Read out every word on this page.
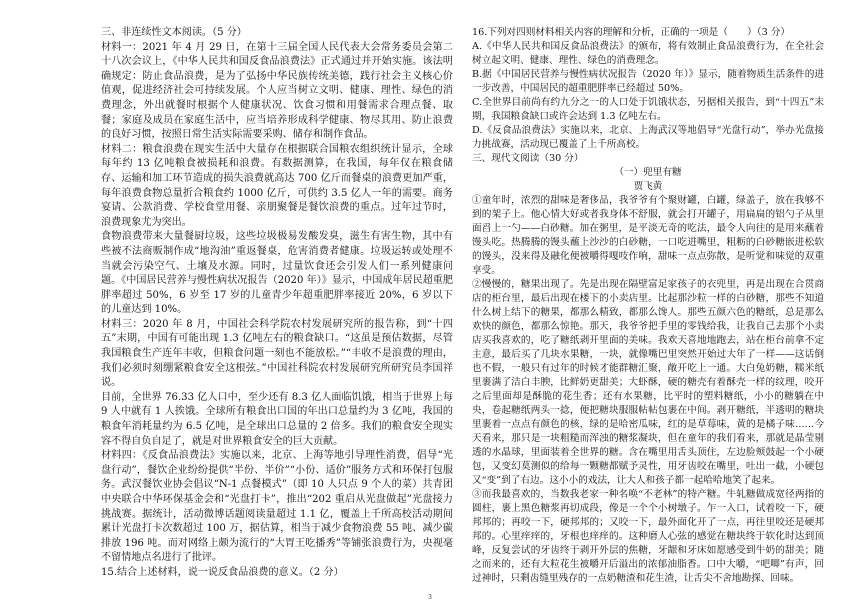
三、非连续性文本阅读。（5 分）

材料一：2021 年 4 月 29 日，在第十三届全国人民代表大会常务委员会第二十八次会议上，《中华人民共和国反食品浪费法》正式通过并开始实施。该法明确规定：防止食品浪费，是为了弘扬中华民族传统美德，践行社会主义核心价值观，促进经济社会可持续发展。个人应当树立文明、健康、理性、绿色的消费理念，外出就餐时根据个人健康状况、饮食习惯和用餐需求合理点餐、取餐；家庭及成员在家庭生活中，应当培养形成科学健康、物尽其用、防止浪费的良好习惯，按照日常生活实际需要采购、储存和制作食品。

材料二：粮食浪费在现实生活中大量存在根据联合国粮农组织统计显示，全球每年约 13 亿吨粮食被损耗和浪费。有数据测算，在我国，每年仅在粮食储存、运输和加工环节造成的损失浪费就高达 700 亿斤而餐桌的浪费更加严重，每年浪费食物总量折合粮食约 1000 亿斤，可供约 3.5 亿人一年的需要。商务宴请、公款消费、学校食堂用餐、亲朋聚餐是餐饮浪费的重点。过年过节时，浪费现象尤为突出。

食物浪费带来大量餐厨垃圾，这些垃圾极易发酸发臭，滋生有害生物，其中有些被不法商贩制作成“地沟油”重返餐桌，危害消费者健康。垃圾运转或处理不当就会污染空气、土壤及水源。同时，过量饮食还会引发人们一系列健康问题。《中国居民营养与慢性病状况报告（2020 年）》显示，中国成年居民超重肥胖率超过 50%，6 岁至 17 岁的儿童青少年超重肥胖率接近 20%，6 岁以下的儿童达到 10%。

材料三：2020 年 8 月，中国社会科学院农村发展研究所的报告称，到“十四五”末期，中国有可能出现 1.3 亿吨左右的粮食缺口。“这虽是预估数据，尽管我国粮食生产连年丰收，但粮食问题一刻也不能放松。”“丰收不是浪费的理由，我们必须时刻绷紧粮食安全这根弦。”中国社科院农村发展研究所研究员李国祥说。

目前，全世界 76.33 亿人口中，至少还有 8.3 亿人面临饥饿，相当于世界上每 9 人中就有 1 人挨饿。全球所有粮食出口国的年出口总量约为 3 亿吨，我国的粮食年消耗量约为 6.5 亿吨，是全球出口总量的 2 倍多。我们的粮食安全现实容不得自负自足了，就是对世界粮食安全的巨大贡献。

材料四：《反食品浪费法》实施以来，北京、上海等地引导理性消费，倡导“光盘行动”，餐饮企业纷纷提供“半份、半价”“小份、适价”服务方式和环保打包服务。武汉餐饮业协会倡议“N-1 点餐模式”（即 10 人只点 9 个人的菜）共青团中央联合中华环保基金会和“光盘打卡”，推出“202 重启从光盘做起”光盘接力挑战赛。据统计，活动微博话题阅读量超过 1.1 亿，覆盖上千所高校活动期间累计光盘打卡次数超过 100 万，据估算，相当于减少食物浪费 55 吨、减少碳排放 196 吨。而对网络上颇为流行的“大胃王吃播秀”等铺张浪费行为，央视毫不留情地点名进行了批评。

15.结合上述材料，说一说反食品浪费的意义。（2 分）

16.下列对四则材料相关内容的理解和分析，正确的一项是（　　）（3 分）

A.《中华人民共和国反食品浪费法》的颁布，将有效制止食品浪费行为，在全社会树立起文明、健康、理性、绿色的消费理念。

B.据《中国居民营养与慢性病状况报告（2020 年）》显示，随着物质生活条件的进一步改善，中国居民的超重肥胖率已经超过 50%。

C.全世界目前尚有约九分之一的人口处于饥饿状态，另据相关报告，到“十四五”末期，我国粮食缺口或许会达到 1.3 亿吨左右。

D.《反食品浪费法》实施以来，北京、上海武汉等地倡导“光盘行动”，举办光盘接力挑战赛，活动现已覆盖了上千所高校。

三、现代文阅读（30 分）

（一）兜里有糖

贾飞黄

①童年时，浓烈的甜味是奢侈品，我爷爷有个聚财罐，白罐，绿盖子，放在我够不到的架子上。他心情大好或者我身体不舒服，就会打开罐子，用扁扁的铝勺子从里面舀上一勺——白砂糖。加在粥里，是平淡无奇的吃法，最令人向往的是用来蘸着馒头吃。热腾腾的馒头蘸上沙沙的白砂糖，一口吃进嘴里，粗粝的白砂糖嵌进松软的馒头，没来得及融化便被嚼得嘎吱作响，甜味一点点弥散，是听觉和味觉的双重享受。

②慢慢的，糖果出现了。先是出现在隔壁富足家孩子的衣兜里，再是出现在合贯商店的柜台里，最后出现在楼下的小卖店里。比起那沙粒一样的白砂糖，那些不知道什么树上结下的糖果，都那么精致，都那么馋人。那些五颜六色的糖纸，总是那么欢快的颜色，都那么惊艳。那天，我爷爷把手里的零钱给我，让我自己去那个小卖店买我喜欢的，吃了糖纸剥开里面的美味。我欢天喜地地跑去，站在柜台前拿不定主意，最后买了几块水果糖，一块，就像嘴巴里突然开始过大年了一样——这话倒也不假，一般只有过年的时候才能群糖汇聚，敞开吃上一通。大白兔奶糖，糯米纸里裹满了洁白丰腴，比鲜奶更甜美；大虾酥，硬的糖壳有着酥壳一样的纹理，咬开之后里面却是酥脆的花生香；还有水果糖，比平时的塑料糖纸，小小的糖躺在中央，卷起糖纸两头一捻，便把糖块服服帖帖包裹在中间。剥开糖纸，半透明的糖块里裹着一点点有颜色的核，绿的是哈密瓜味，红的是草莓味，黄的是橘子味……今天看来，那只是一块粗糙而浑浊的糖浆凝块，但在童年的我们看来，那就是晶莹剔透的水晶球，里面装着全世界的糖。含在嘴里用舌头顶住，左边脸颊鼓起一个小硬包，又变幻莫测似的给每一颗糖都赋予灵性，用牙齿咬在嘴里，吐出一截，小硬包又“变”到了右边。这小小的戏法，让大人和孩子都一起哈哈地笑了起来。

③而我最喜欢的，当数我老家一种名唤“不老林”的特产糖。牛轧糖做成宽径两指的圆柱，裹上黑色糖浆再切成段，像是一个个小树墩子。乍一入口，试着咬一下，硬邦邦的；再咬一下，硬邦邦的；又咬一下，最外面化开了一点，再往里咬还是硬邦邦的。心里痒痒的，牙根也痒痒的。这种磨人心弦的感觉在糖块终于软化时达到顶峰，反复尝试的牙齿终于剥开外层的焦糖，牙龈和牙床如愿感受到牛奶的甜美；随之而来的，还有大粒花生被嚼开后溢出的浓郁油脂香。口中大嚼，“吧唧”有声，回过神时，只剩齿缝里残存的一点奶糖渣和花生渣，让舌尖不舍地勘探、回味。

3
